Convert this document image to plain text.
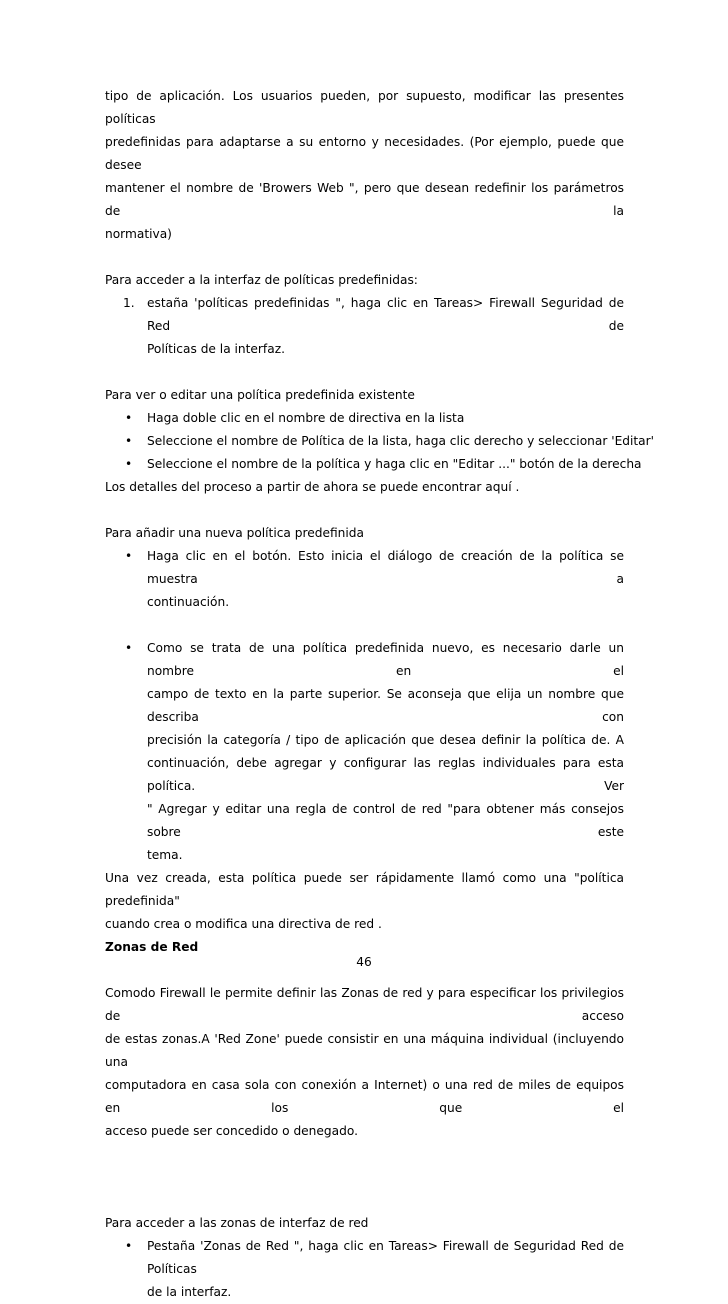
tipo de aplicación. Los usuarios pueden, por supuesto, modificar las presentes políticas

predefinidas para adaptarse a su entorno y necesidades. (Por ejemplo, puede que desee

mantener el nombre de 'Browers Web ", pero que desean redefinir los parámetros de la

normativa)

Para acceder a la interfaz de políticas predefinidas:

1. estaña 'políticas predefinidas ", haga clic en Tareas> Firewall Seguridad de Red de

Políticas de la interfaz.

Para ver o editar una política predefinida existente

• Haga doble clic en el nombre de directiva en la lista

• Seleccione el nombre de Política de la lista, haga clic derecho y seleccionar 'Editar'

• Seleccione el nombre de la política y haga clic en "Editar ..." botón de la derecha

Los detalles del proceso a partir de ahora se puede encontrar aquí .

Para añadir una nueva política predefinida

• Haga clic en el botón. Esto inicia el diálogo de creación de la política se muestra a

continuación.

• Como se trata de una política predefinida nuevo, es necesario darle un nombre en el

campo de texto en la parte superior. Se aconseja que elija un nombre que describa con

precisión la categoría / tipo de aplicación que desea definir la política de. A

continuación, debe agregar y configurar las reglas individuales para esta política. Ver

" Agregar y editar una regla de control de red "para obtener más consejos sobre este

tema.

Una vez creada, esta política puede ser rápidamente llamó como una "política predefinida"

cuando crea o modifica una directiva de red .

Zonas de Red

Comodo Firewall le permite definir las Zonas de red y para especificar los privilegios de acceso

de estas zonas.A 'Red Zone' puede consistir en una máquina individual (incluyendo una

computadora en casa sola con conexión a Internet) o una red de miles de equipos en los que el

acceso puede ser concedido o denegado.

Para acceder a las zonas de interfaz de red

• Pestaña 'Zonas de Red ", haga clic en Tareas> Firewall de Seguridad Red de Políticas

de la interfaz.

46
